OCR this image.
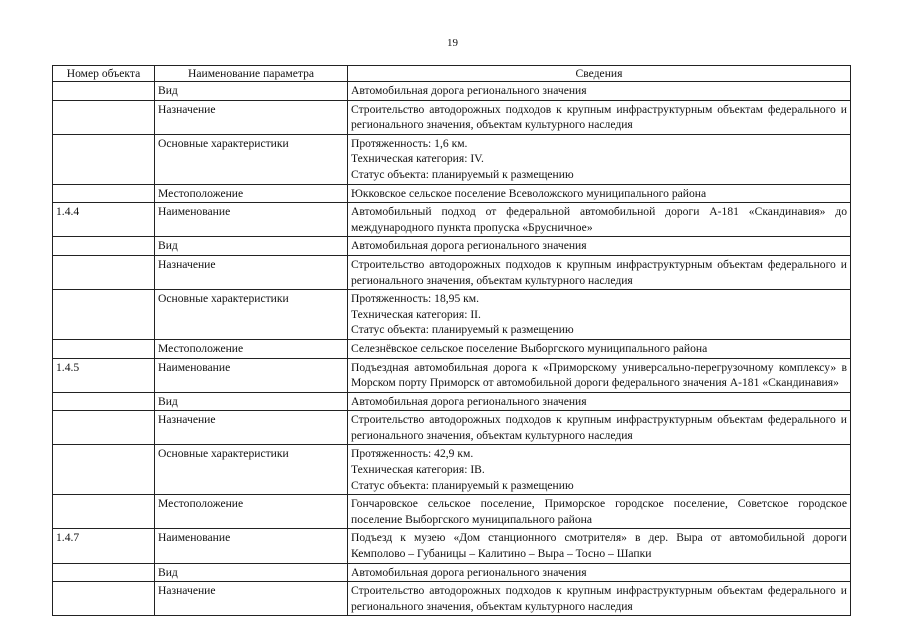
19
Номер объекта	Наименование параметра	Сведения
	Вид	Автомобильная дорога регионального значения

	Назначение	Строительство автодорожных подходов к крупным инфраструктурным объектам федерального и регионального значения, объектам культурного наследия

	Основные характеристики	Протяженность: 1,6 км.
Техническая категория: IV.
Статус объекта: планируемый к размещению

	Местоположение	Юкковское сельское поселение Всеволожского муниципального района

1.4.4	Наименование	Автомобильный подход от федеральной автомобильной дороги А-181 «Скандинавия» до международного пункта пропуска «Брусничное»

	Вид	Автомобильная дорога регионального значения

	Назначение	Строительство автодорожных подходов к крупным инфраструктурным объектам федерального и регионального значения, объектам культурного наследия

	Основные характеристики	Протяженность: 18,95 км.
Техническая категория: II.
Статус объекта: планируемый к размещению

	Местоположение	Селезнёвское сельское поселение Выборгского муниципального района

1.4.5	Наименование	Подъездная автомобильная дорога к «Приморскому универсально-перегрузочному комплексу» в Морском порту Приморск от автомобильной дороги федерального значения А-181 «Скандинавия»

	Вид	Автомобильная дорога регионального значения

	Назначение	Строительство автодорожных подходов к крупным инфраструктурным объектам федерального и регионального значения, объектам культурного наследия

	Основные характеристики	Протяженность: 42,9 км.
Техническая категория: IВ.
Статус объекта: планируемый к размещению

	Местоположение	Гончаровское сельское поселение, Приморское городское поселение, Советское городское поселение Выборгского муниципального района

1.4.7	Наименование	Подъезд к музею «Дом станционного смотрителя» в дер. Выра от автомобильной дороги Кемполово – Губаницы – Калитино – Выра – Тосно – Шапки

	Вид	Автомобильная дорога регионального значения

	Назначение	Строительство автодорожных подходов к крупным инфраструктурным объектам федерального и регионального значения, объектам культурного наследия
